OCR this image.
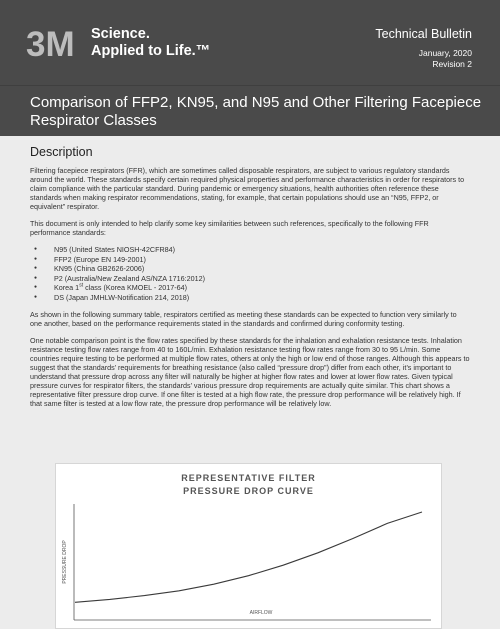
3M Science.
Applied to Life.™
Technical Bulletin
January, 2020
Revision 2
Comparison of FFP2, KN95, and N95 and Other Filtering Facepiece Respirator Classes
Description

Filtering facepiece respirators (FFR), which are sometimes called disposable respirators, are subject to various regulatory standards around the world. These standards specify certain required physical properties and performance characteristics in order for respirators to claim compliance with the particular standard. During pandemic or emergency situations, health authorities often reference these standards when making respirator recommendations, stating, for example, that certain populations should use an “N95, FFP2, or equivalent” respirator.

This document is only intended to help clarify some key similarities between such references, specifically to the following FFR performance standards:

● N95 (United States NIOSH-42CFR84)
● FFP2 (Europe EN 149-2001)
● KN95 (China GB2626-2006)
● P2 (Australia/New Zealand AS/NZA 1716:2012)
● Korea 1st class (Korea KMOEL - 2017-64)
● DS (Japan JMHLW-Notification 214, 2018)

As shown in the following summary table, respirators certified as meeting these standards can be expected to function very similarly to one another, based on the performance requirements stated in the standards and confirmed during conformity testing.

One notable comparison point is the flow rates specified by these standards for the inhalation and exhalation resistance tests. Inhalation resistance testing flow rates range from 40 to 160L/min. Exhalation resistance testing flow rates range from 30 to 95 L/min. Some countries require testing to be performed at multiple flow rates, others at only the high or low end of those ranges. Although this appears to suggest that the standards’ requirements for breathing resistance (also called “pressure drop”) differ from each other, it’s important to understand that pressure drop across any filter will naturally be higher at higher flow rates and lower at lower flow rates. Given typical pressure curves for respirator filters, the standards’ various pressure drop requirements are actually quite similar. This chart shows a representative filter pressure drop curve. If one filter is tested at a high flow rate, the pressure drop performance will be relatively high. If that same filter is tested at a low flow rate, the pressure drop performance will be relatively low.

PRESSURE DROP
AIRFLOW
REPRESENTATIVE FILTER
PRESSURE DROP CURVE
